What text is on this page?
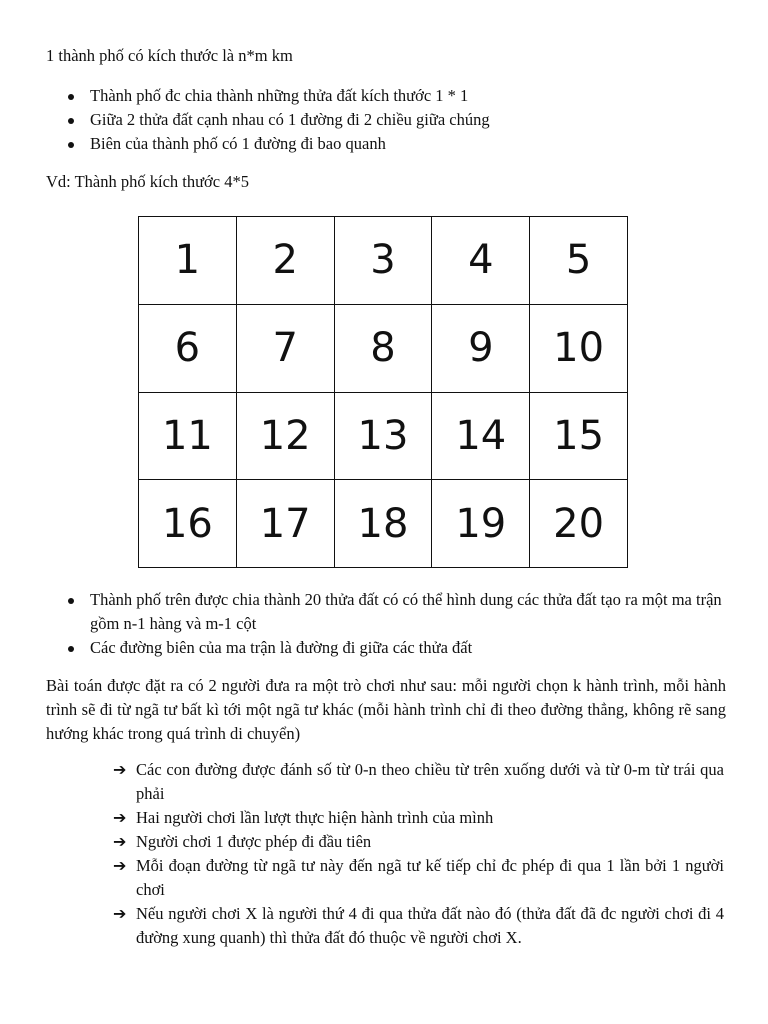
1 thành phố có kích thước là n*m km

Thành phố đc chia thành những thửa đất kích thước 1 * 1
Giữa 2 thửa đất cạnh nhau có 1 đường đi 2 chiều giữa chúng
Biên của thành phố có 1 đường đi bao quanh

Vd: Thành phố kích thước 4*5

1	2	3	4	5
6	7	8	9	10
11	12	13	14	15
16	17	18	19	20
Thành phố trên được chia thành 20 thửa đất có có thể hình dung các thửa đất tạo ra một ma trận gồm n-1 hàng và m-1 cột
Các đường biên của ma trận là đường đi giữa các thửa đất

Bài toán được đặt ra có 2 người đưa ra một trò chơi như sau: mỗi người chọn k hành trình, mỗi hành trình sẽ đi từ ngã tư bất kì tới một ngã tư khác (mỗi hành trình chỉ đi theo đường thẳng, không rẽ sang hướng khác trong quá trình di chuyển)

➔ Các con đường được đánh số từ 0-n theo chiều từ trên xuống dưới và từ 0-m từ trái qua phải
➔ Hai người chơi lần lượt thực hiện hành trình của mình
➔ Người chơi 1 được phép đi đầu tiên
➔ Mỗi đoạn đường từ ngã tư này đến ngã tư kế tiếp chỉ đc phép đi qua 1 lần bởi 1 người chơi
➔ Nếu người chơi X là người thứ 4 đi qua thửa đất nào đó (thửa đất đã đc người chơi đi 4 đường xung quanh) thì thửa đất đó thuộc về người chơi X.
